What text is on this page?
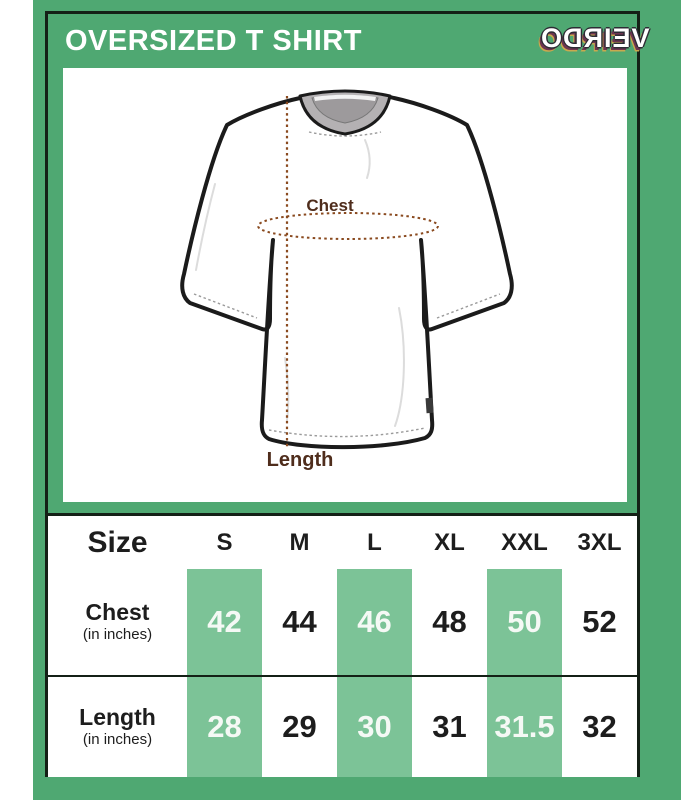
OVERSIZED T SHIRT	VEIRDO
Chest
Length
Size	S	M	L	XL	XXL	3XL
Chest
(in inches)	42	44	46	48	50	52
Length
(in inches)	28	29	30	31 31.5 32
